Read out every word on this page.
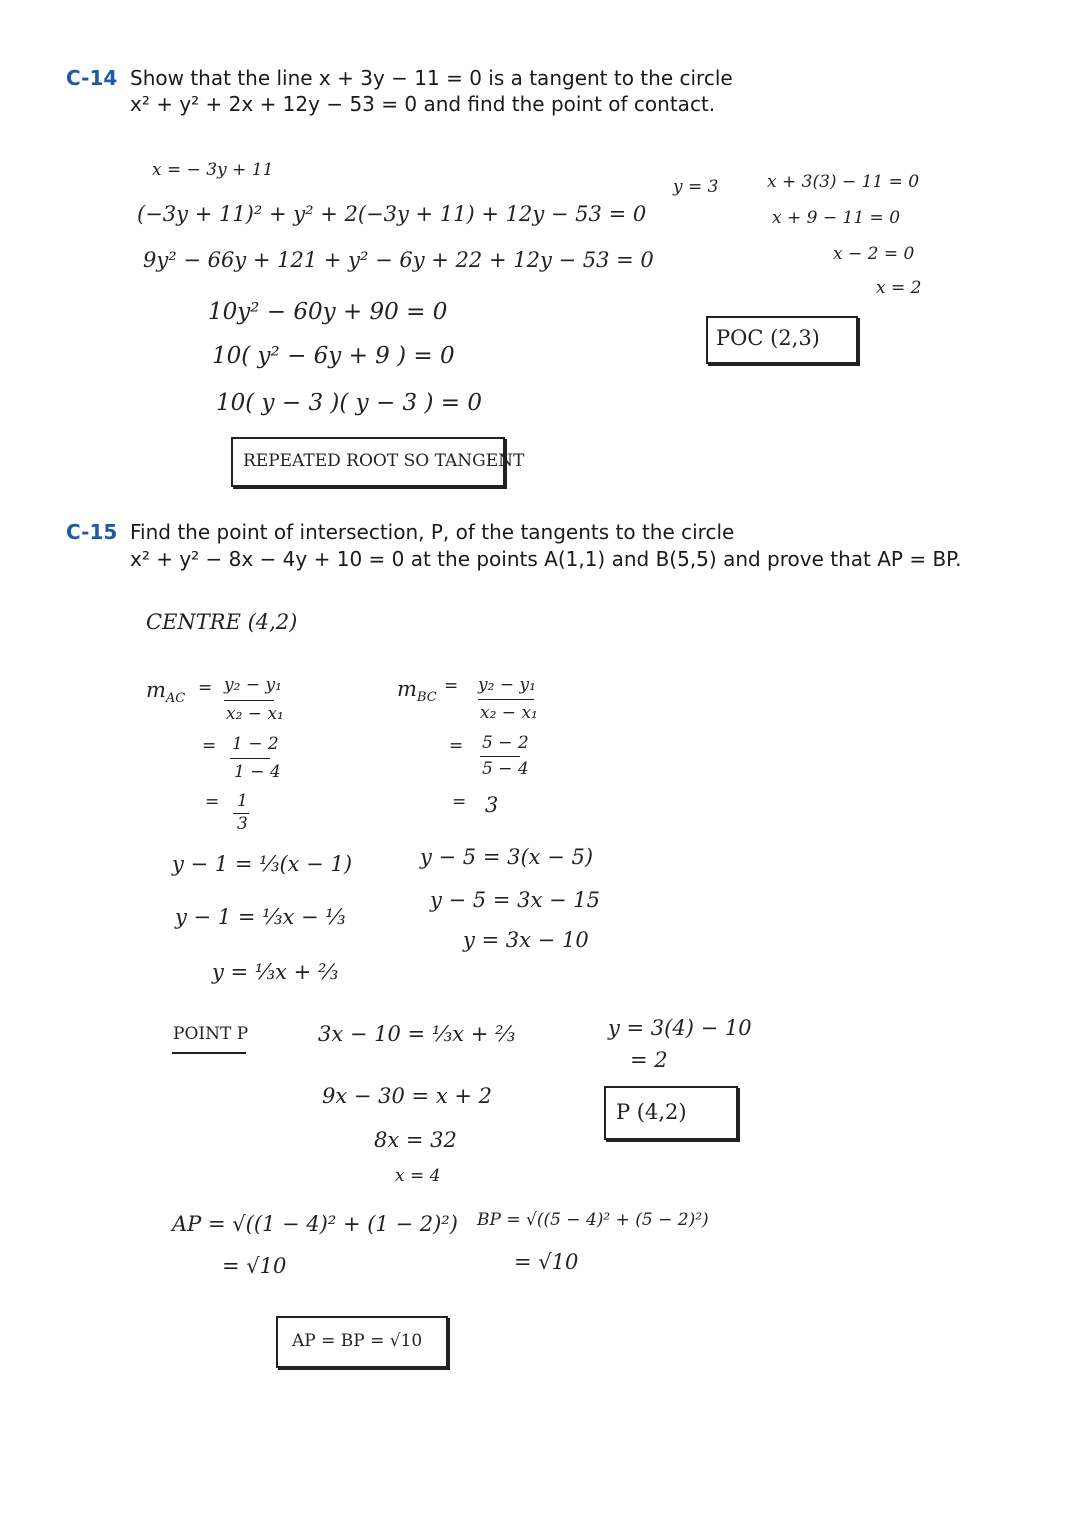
C-14 Show that the line x + 3y − 11 = 0 is a tangent to the circle
x² + y² + 2x + 12y − 53 = 0 and find the point of contact.
x = − 3y + 11
(−3y + 11)² + y² + 2(−3y + 11) + 12y − 53 = 0
9y² − 66y + 121 + y² − 6y + 22 + 12y − 53 = 0
10y² − 60y + 90 = 0
10( y² − 6y + 9 ) = 0
10( y − 3 )( y − 3 ) = 0
REPEATED ROOT SO TANGENT
y = 3	x + 3(3) − 11 = 0
x + 9 − 11 = 0
x − 2 = 0
x = 2
POC (2,3)
C-15 Find the point of intersection, P, of the tangents to the circle
x² + y² − 8x − 4y + 10 = 0 at the points A(1,1) and B(5,5) and prove that AP = BP.
CENTRE (4,2)
$m_{AC}$
= y₂ − y₁
x₂ − x₁
= 1 − 2
1 − 4
= 1
3
$m_{BC}$
= y₂ − y₁
x₂ − x₁
= 5 − 2
5 − 4
= 3
y − 1 = ⅓(x − 1)
y − 1 = ⅓x − ⅓
y = ⅓x + ⅔
y − 5 = 3(x − 5)
y − 5 = 3x − 15
y = 3x − 10
POINT P	3x − 10 = ⅓x + ⅔
9x − 30 = x + 2
8x = 32
x = 4
y = 3(4) − 10
= 2
P (4,2)
AP = √((1 − 4)² + (1 − 2)²)
= √10
BP = √((5 − 4)² + (5 − 2)²)
= √10
AP = BP = √10
